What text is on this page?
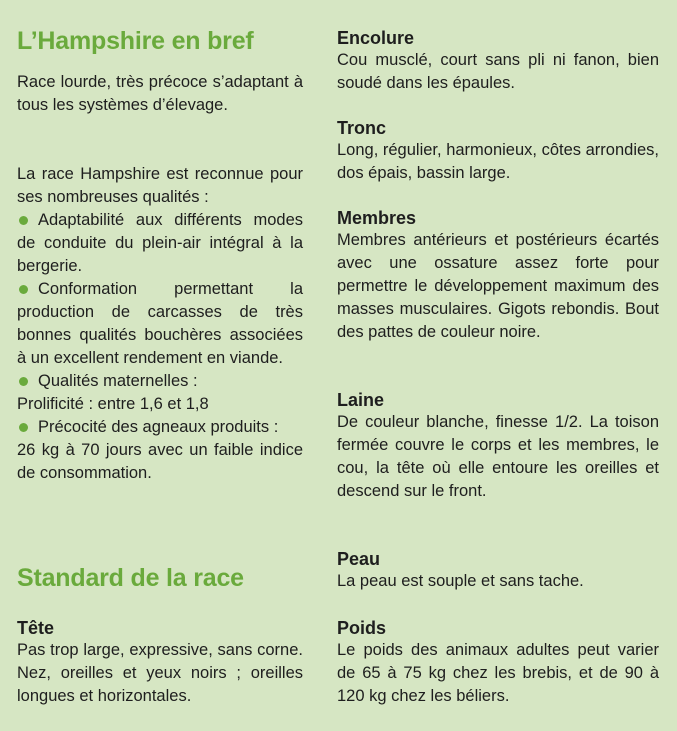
L’Hampshire en bref

Race lourde, très précoce s’adaptant à tous les systèmes d’élevage.

La race Hampshire est reconnue pour ses nombreuses qualités :

Adaptabilité aux différents modes de conduite du plein-air intégral à la bergerie.

Conformation permettant la production de carcasses de très bonnes qualités bouchères associées à un excellent rendement en viande.

Qualités maternelles :

Prolificité : entre 1,6 et 1,8

Précocité des agneaux produits :

26 kg à 70 jours avec un faible indice de consommation.

Standard de la race
Tête

Pas trop large, expressive, sans corne. Nez, oreilles et yeux noirs ; oreilles longues et horizontales.

Encolure

Cou musclé, court sans pli ni fanon, bien soudé dans les épaules.

Tronc

Long, régulier, harmonieux, côtes arrondies, dos épais, bassin large.

Membres

Membres antérieurs et postérieurs écartés avec une ossature assez forte pour permettre le développement maximum des masses musculaires. Gigots rebondis. Bout des pattes de couleur noire.

Laine

De couleur blanche, finesse 1/2. La toison fermée couvre le corps et les membres, le cou, la tête où elle entoure les oreilles et descend sur le front.

Peau

La peau est souple et sans tache.

Poids

Le poids des animaux adultes peut varier de 65 à 75 kg chez les brebis, et de 90 à 120 kg chez les béliers.
